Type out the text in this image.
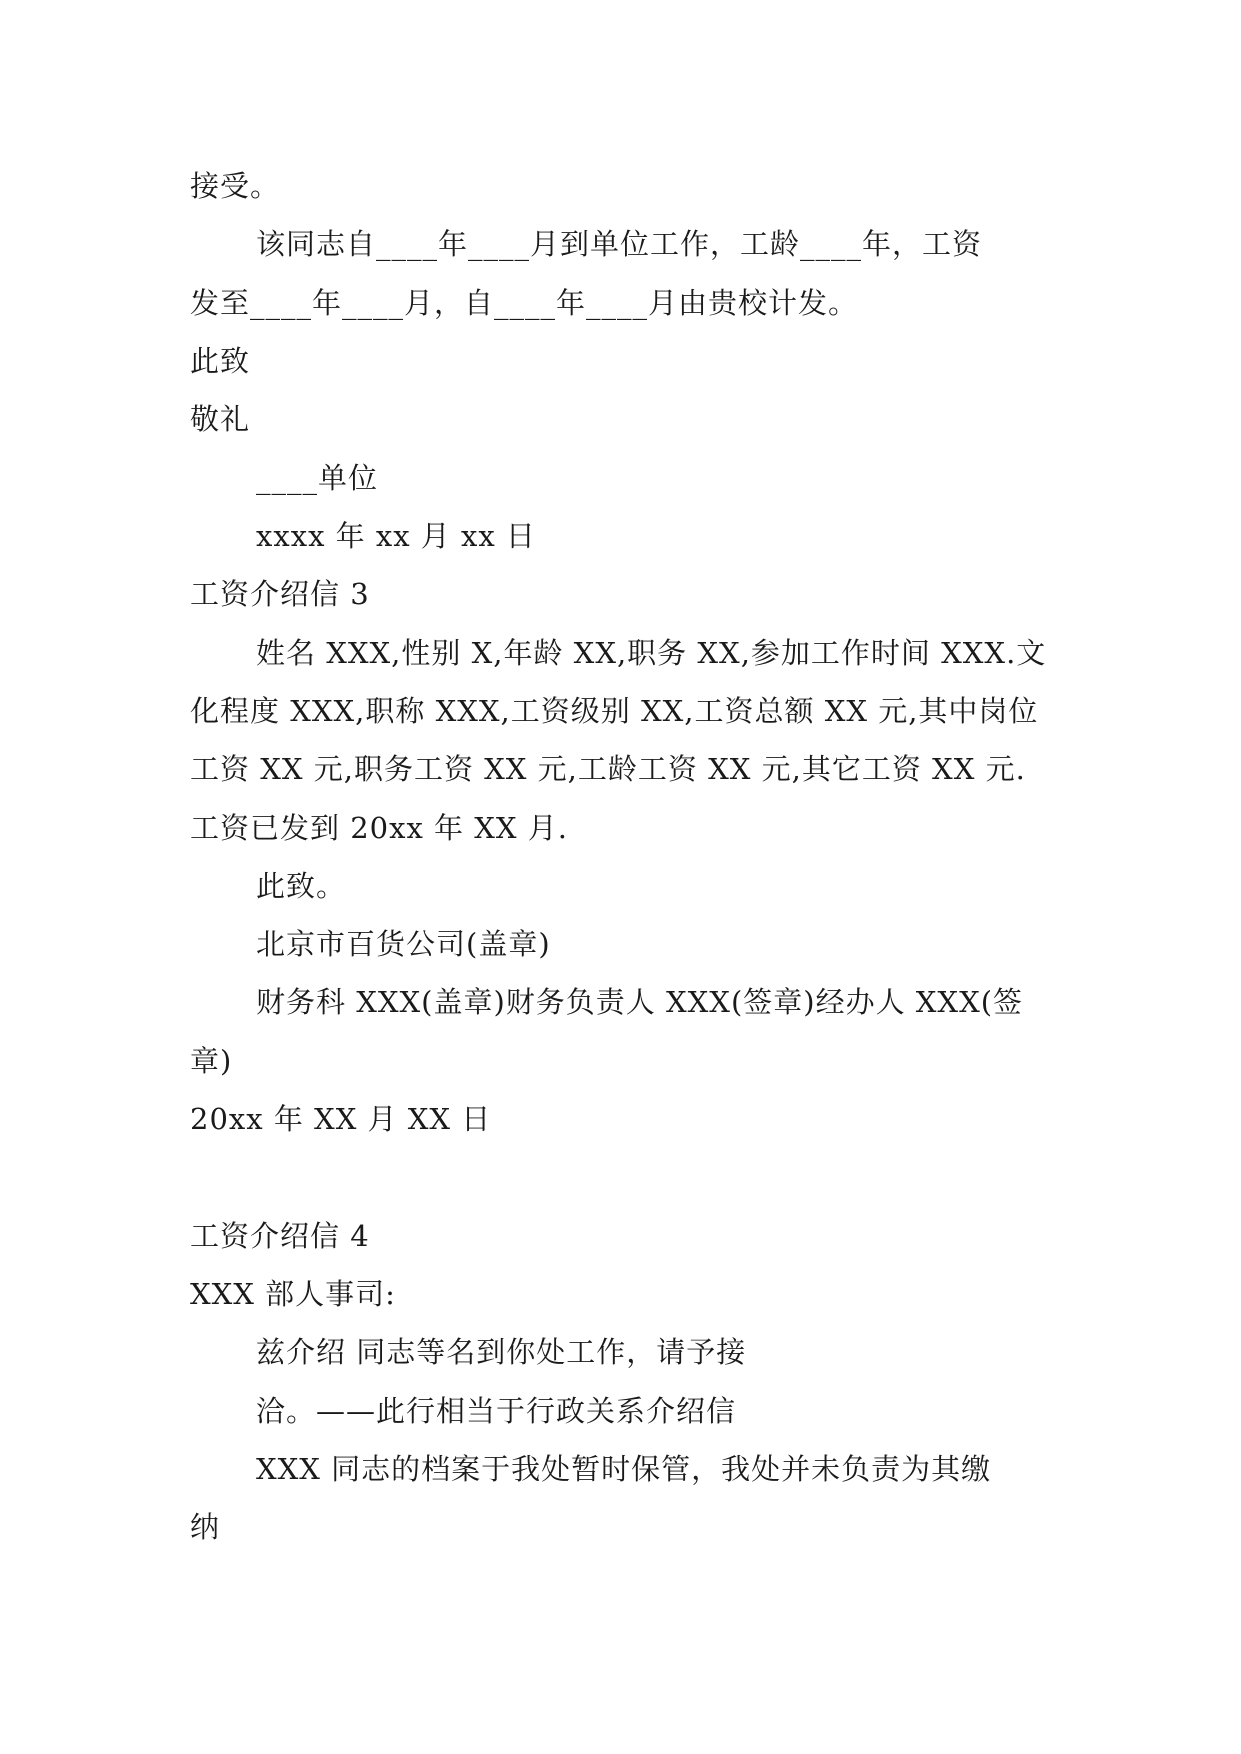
接受。
该同志自____年____月到单位工作，工龄____年，工资
发至____年____月，自____年____月由贵校计发。
此致
敬礼
____单位
xxxx 年 xx 月 xx 日
工资介绍信 3
姓名 XXX,性别 X,年龄 XX,职务 XX,参加工作时间 XXX.文
化程度 XXX,职称 XXX,工资级别 XX,工资总额 XX 元,其中岗位
工资 XX 元,职务工资 XX 元,工龄工资 XX 元,其它工资 XX 元.
工资已发到 20xx 年 XX 月.
此致。
北京市百货公司(盖章)
财务科 XXX(盖章)财务负责人 XXX(签章)经办人 XXX(签
章)
20xx 年 XX 月 XX 日
工资介绍信 4
XXX 部人事司:
兹介绍 同志等名到你处工作，请予接
洽。——此行相当于行政关系介绍信
XXX 同志的档案于我处暂时保管，我处并未负责为其缴
纳
